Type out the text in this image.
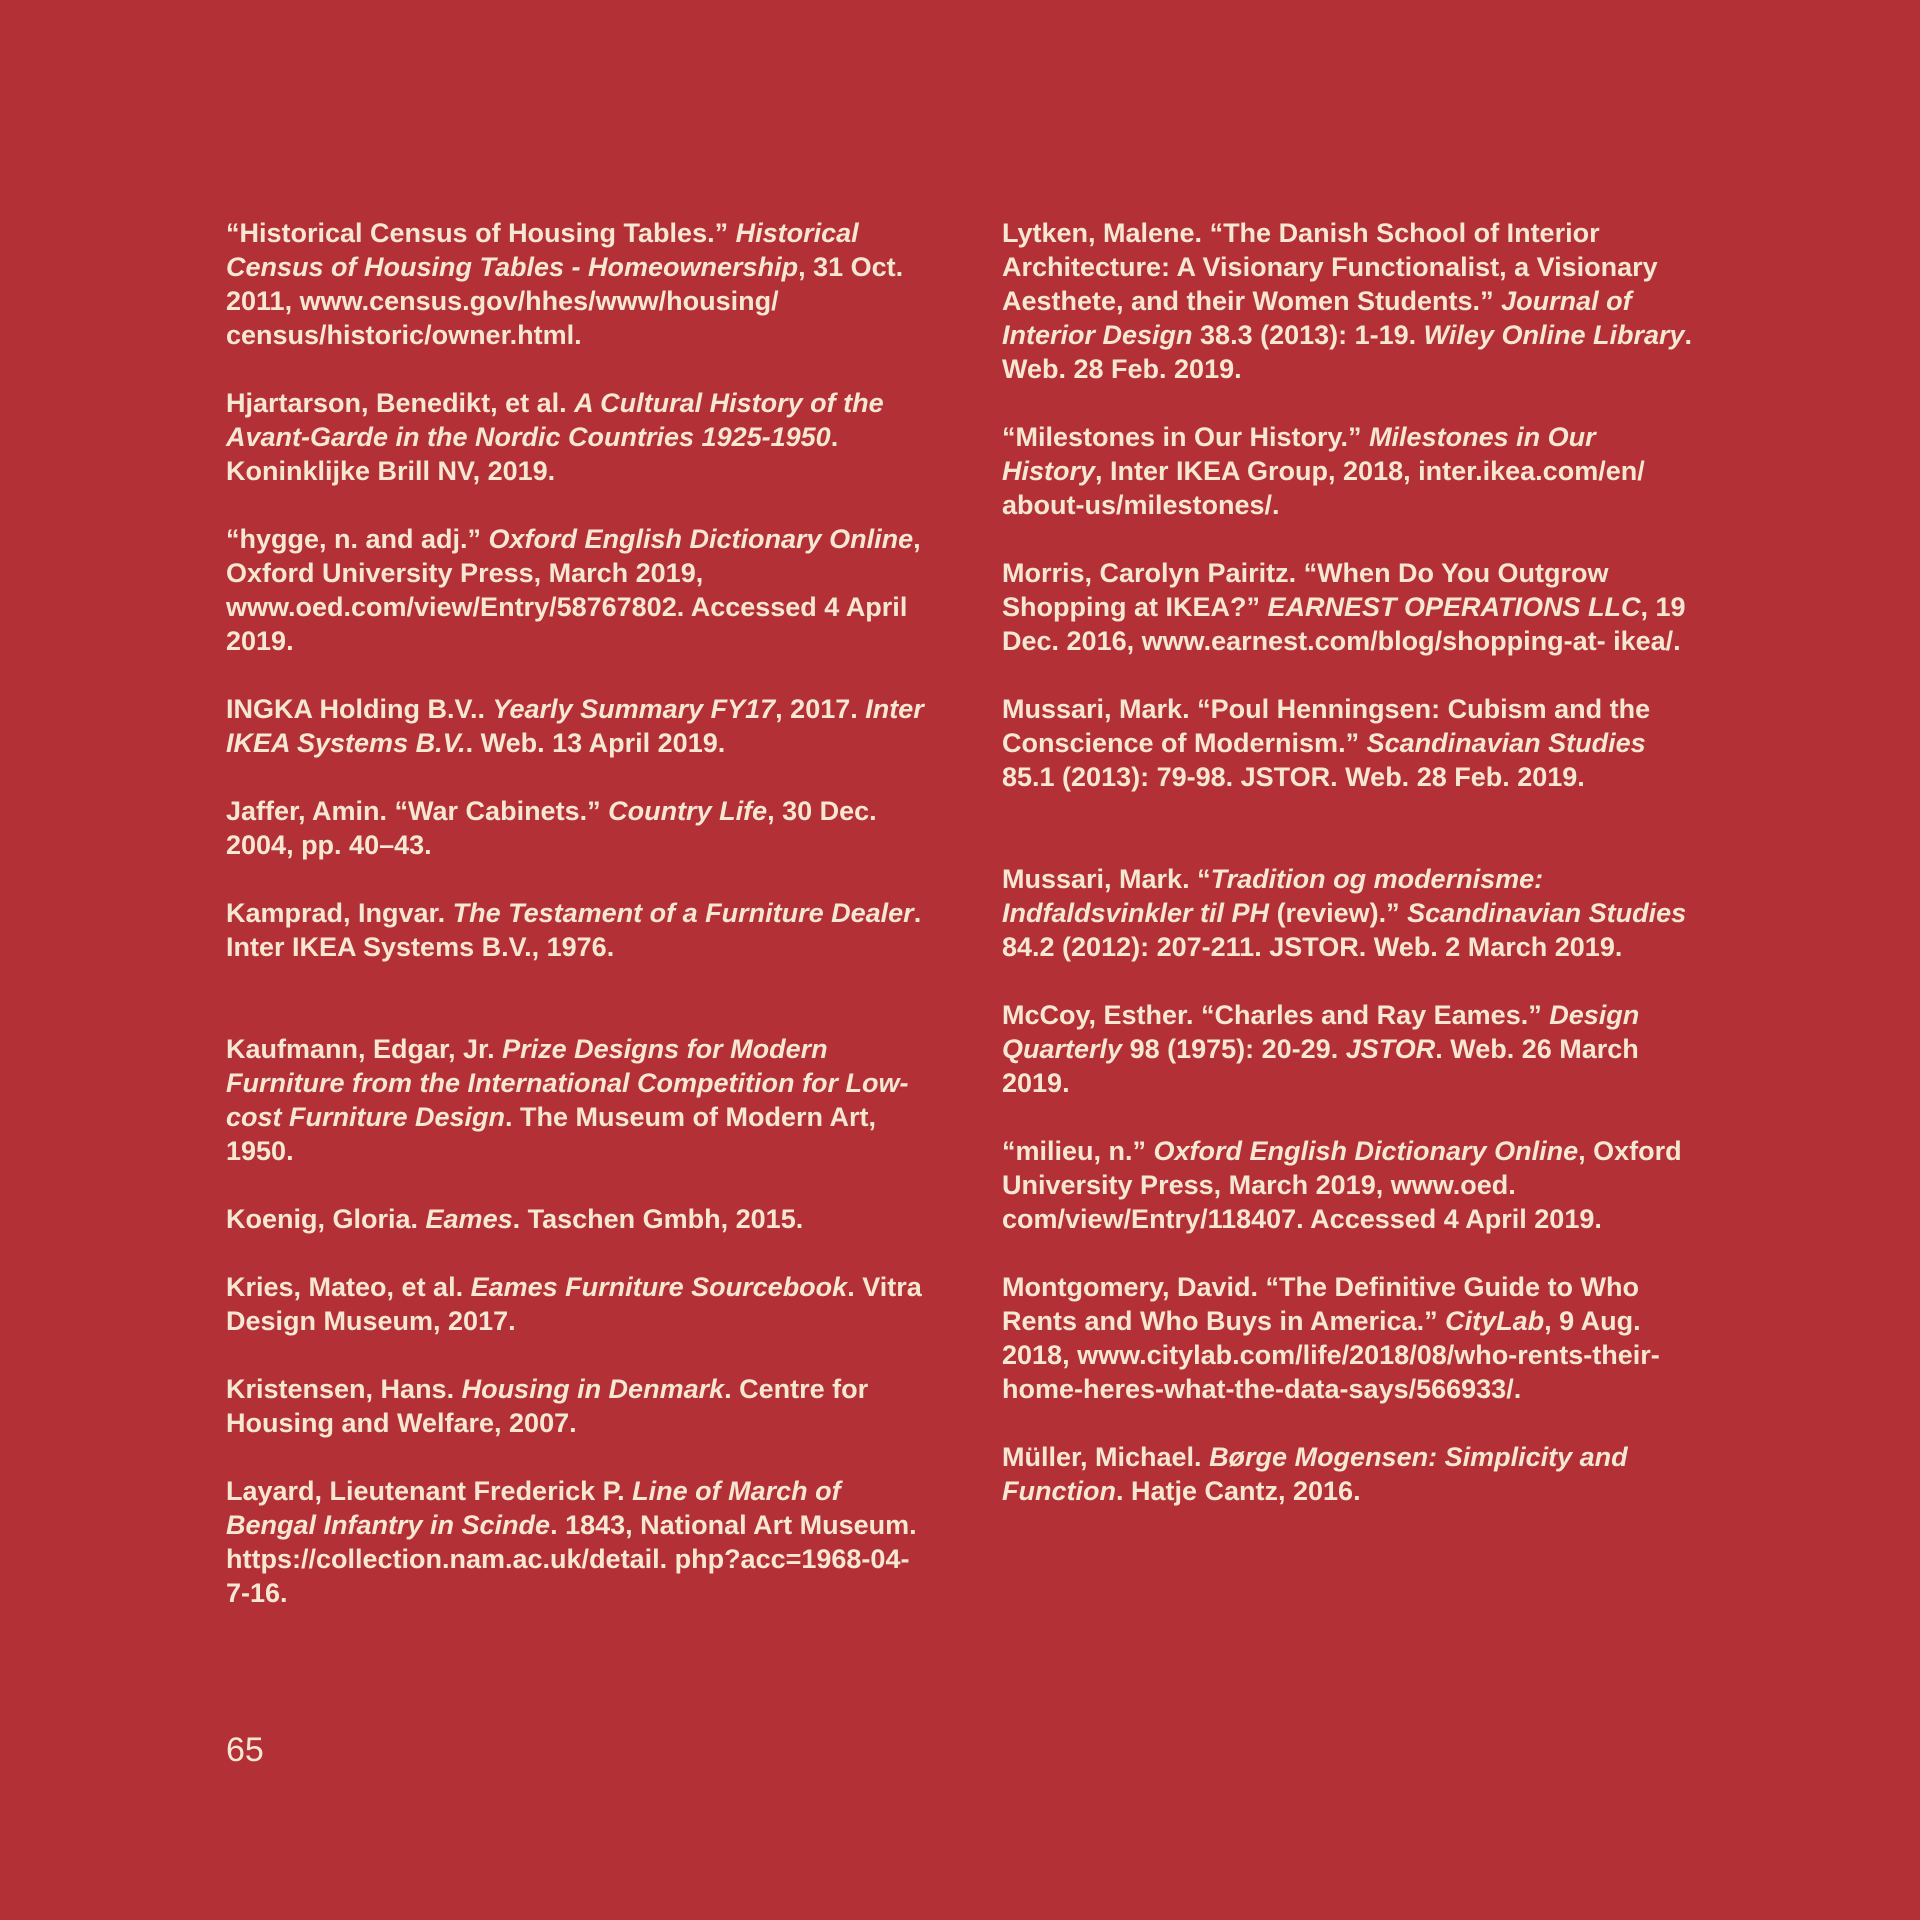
“Historical Census of Housing Tables.” Historical Census of Housing Tables - Homeownership, 31 Oct. 2011, www.census.gov/hhes/www/housing/ census/historic/owner.html.

Hjartarson, Benedikt, et al. A Cultural History of the Avant-Garde in the Nordic Countries 1925-1950. Koninklijke Brill NV, 2019.

“hygge, n. and adj.” Oxford English Dictionary Online, Oxford University Press, March 2019, www.oed.com/view/Entry/58767802. Accessed 4 April 2019.

INGKA Holding B.V.. Yearly Summary FY17, 2017. Inter IKEA Systems B.V.. Web. 13 April 2019.

Jaffer, Amin. “War Cabinets.” Country Life, 30 Dec. 2004, pp. 40–43.

Kamprad, Ingvar. The Testament of a Furniture Dealer. Inter IKEA Systems B.V., 1976.

Kaufmann, Edgar, Jr. Prize Designs for Modern Furniture from the International Competition for Low-cost Furniture Design. The Museum of Modern Art, 1950.

Koenig, Gloria. Eames. Taschen Gmbh, 2015.

Kries, Mateo, et al. Eames Furniture Sourcebook. Vitra Design Museum, 2017.

Kristensen, Hans. Housing in Denmark. Centre for Housing and Welfare, 2007.

Layard, Lieutenant Frederick P. Line of March of Bengal Infantry in Scinde. 1843, National Art Museum. https://collection.nam.ac.uk/detail. php?acc=1968-04-7-16.

Lytken, Malene. “The Danish School of Interior Architecture: A Visionary Functionalist, a Visionary Aesthete, and their Women Students.” Journal of Interior Design 38.3 (2013): 1-19. Wiley Online Library. Web. 28 Feb. 2019.

“Milestones in Our History.” Milestones in Our History, Inter IKEA Group, 2018, inter.ikea.com/en/ about-us/milestones/.

Morris, Carolyn Pairitz. “When Do You Outgrow Shopping at IKEA?” EARNEST OPERATIONS LLC, 19 Dec. 2016, www.earnest.com/blog/shopping-at- ikea/.

Mussari, Mark. “Poul Henningsen: Cubism and the Conscience of Modernism.” Scandinavian Studies 85.1 (2013): 79-98. JSTOR. Web. 28 Feb. 2019.

Mussari, Mark. “Tradition og modernisme: Indfaldsvinkler til PH (review).” Scandinavian Studies 84.2 (2012): 207-211. JSTOR. Web. 2 March 2019.

McCoy, Esther. “Charles and Ray Eames.” Design Quarterly 98 (1975): 20-29. JSTOR. Web. 26 March 2019.

“milieu, n.” Oxford English Dictionary Online, Oxford University Press, March 2019, www.oed. com/view/Entry/118407. Accessed 4 April 2019.

Montgomery, David. “The Definitive Guide to Who Rents and Who Buys in America.” CityLab, 9 Aug. 2018, www.citylab.com/life/2018/08/who-rents-their- home-heres-what-the-data-says/566933/.

Müller, Michael. Børge Mogensen: Simplicity and Function. Hatje Cantz, 2016.

65
